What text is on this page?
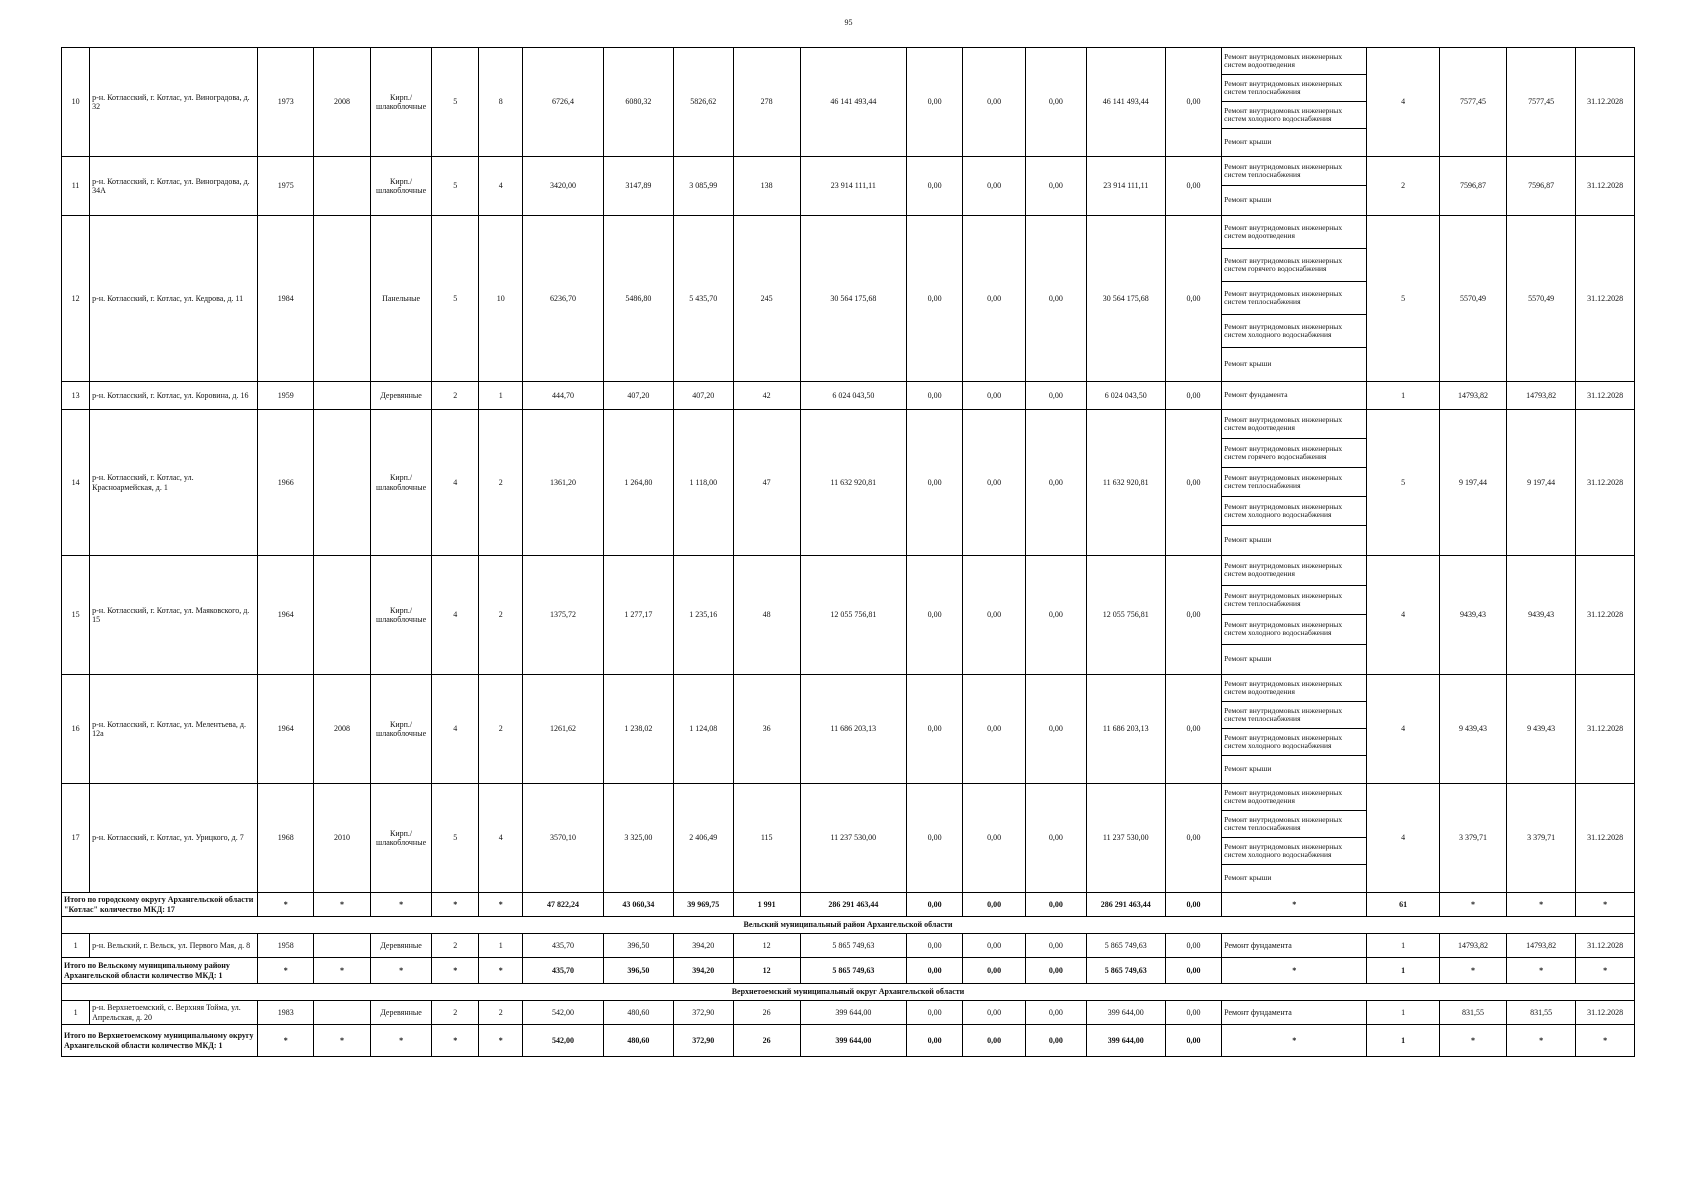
95
10	р-н. Котласский, г. Котлас, ул. Виноградова, д. 32	1973	2008	Кирп./ шлакоблочные	5	8	6726,4	6080,32	5826,62	278	46 141 493,44	0,00	0,00	0,00	46 141 493,44	0,00	Ремонт внутридомовых инженерных систем водоотведения
Ремонт внутридомовых инженерных систем теплоснабжения
Ремонт внутридомовых инженерных систем холодного водоснабжения
Ремонт крыши	4	7577,45	7577,45	31.12.2028
11	р-н. Котласский, г. Котлас, ул. Виноградова, д. 34А	1975		Кирп./ шлакоблочные	5	4	3420,00	3147,89	3 085,99	138	23 914 111,11	0,00	0,00	0,00	23 914 111,11	0,00	Ремонт внутридомовых инженерных систем теплоснабжения
Ремонт крыши	2	7596,87	7596,87	31.12.2028
12	р-н. Котласский, г. Котлас, ул. Кедрова, д. 11	1984		Панельные	5	10	6236,70	5486,80	5 435,70	245	30 564 175,68	0,00	0,00	0,00	30 564 175,68	0,00	Ремонт внутридомовых инженерных систем водоотведения
Ремонт внутридомовых инженерных систем горячего водоснабжения
Ремонт внутридомовых инженерных систем теплоснабжения
Ремонт внутридомовых инженерных систем холодного водоснабжения
Ремонт крыши	5	5570,49	5570,49	31.12.2028
13	р-н. Котласский, г. Котлас, ул. Коровина, д. 16	1959		Деревянные	2	1	444,70	407,20	407,20	42	6 024 043,50	0,00	0,00	0,00	6 024 043,50	0,00	Ремонт фундамента	1	14793,82	14793,82	31.12.2028
14	р-н. Котласский, г. Котлас, ул. Красноармейская, д. 1	1966		Кирп./ шлакоблочные	4	2	1361,20	1 264,80	1 118,00	47	11 632 920,81	0,00	0,00	0,00	11 632 920,81	0,00	Ремонт внутридомовых инженерных систем водоотведения
Ремонт внутридомовых инженерных систем горячего водоснабжения
Ремонт внутридомовых инженерных систем теплоснабжения
Ремонт внутридомовых инженерных систем холодного водоснабжения
Ремонт крыши	5	9 197,44	9 197,44	31.12.2028
15	р-н. Котласский, г. Котлас, ул. Маяковского, д. 15	1964		Кирп./ шлакоблочные	4	2	1375,72	1 277,17	1 235,16	48	12 055 756,81	0,00	0,00	0,00	12 055 756,81	0,00	Ремонт внутридомовых инженерных систем водоотведения
Ремонт внутридомовых инженерных систем теплоснабжения
Ремонт внутридомовых инженерных систем холодного водоснабжения
Ремонт крыши	4	9439,43	9439,43	31.12.2028
16	р-н. Котласский, г. Котлас, ул. Мелентьева, д. 12а	1964	2008	Кирп./ шлакоблочные	4	2	1261,62	1 238,02	1 124,08	36	11 686 203,13	0,00	0,00	0,00	11 686 203,13	0,00	Ремонт внутридомовых инженерных систем водоотведения
Ремонт внутридомовых инженерных систем теплоснабжения
Ремонт внутридомовых инженерных систем холодного водоснабжения
Ремонт крыши	4	9 439,43	9 439,43	31.12.2028
17	р-н. Котласский, г. Котлас, ул. Урицкого, д. 7	1968	2010	Кирп./ шлакоблочные	5	4	3570,10	3 325,00	2 406,49	115	11 237 530,00	0,00	0,00	0,00	11 237 530,00	0,00	Ремонт внутридомовых инженерных систем водоотведения
Ремонт внутридомовых инженерных систем теплоснабжения
Ремонт внутридомовых инженерных систем холодного водоснабжения
Ремонт крыши	4	3 379,71	3 379,71	31.12.2028
Итого по городскому округу Архангельской области "Котлас" количество МКД: 17		*	*	*	*	*	47 822,24	43 060,34	39 969,75	1 991	286 291 463,44	0,00	0,00	0,00	286 291 463,44	0,00	*	61	*	*	*
Вельский муниципальный район Архангельской области																					
1	р-н. Вельский, г. Вельск, ул. Первого Мая, д. 8	1958		Деревянные	2	1	435,70	396,50	394,20	12	5 865 749,63	0,00	0,00	0,00	5 865 749,63	0,00	Ремонт фундамента	1	14793,82	14793,82	31.12.2028
Итого по Вельскому муниципальному району Архангельской области количество МКД: 1		*	*	*	*	*	435,70	396,50	394,20	12	5 865 749,63	0,00	0,00	0,00	5 865 749,63	0,00	*	1	*	*	*
Верхнетоемский муниципальный округ Архангельской области																					
1	р-н. Верхнетоемский, с. Верхняя Тойма, ул. Апрельская, д. 20	1983		Деревянные	2	2	542,00	480,60	372,90	26	399 644,00	0,00	0,00	0,00	399 644,00	0,00	Ремонт фундамента	1	831,55	831,55	31.12.2028
Итого по Верхнетоемскому муниципальному округу Архангельской области количество МКД: 1		*	*	*	*	*	542,00	480,60	372,90	26	399 644,00	0,00	0,00	0,00	399 644,00	0,00	*	1	*	*	*
